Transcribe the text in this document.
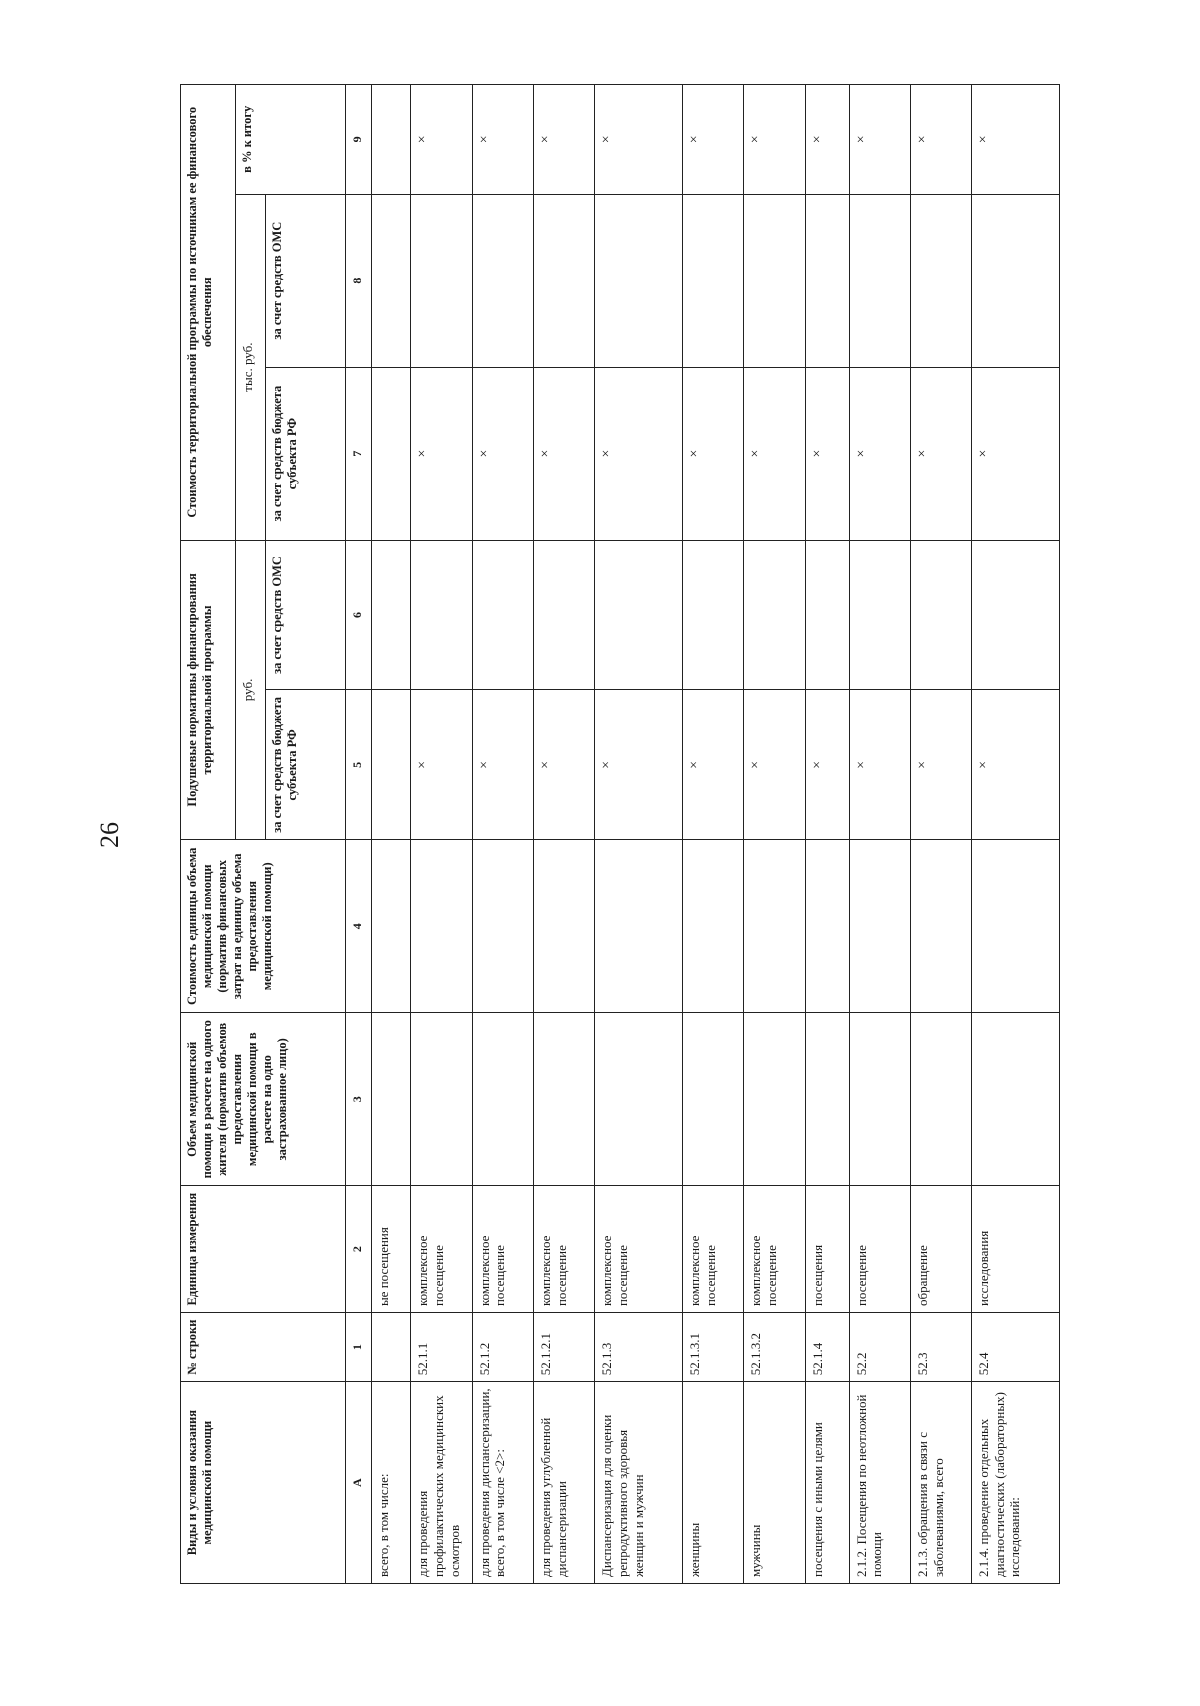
26
Виды и условия оказания медицинской помощи	№ строки	Единица измерения	Объем медицинской помощи в расчете на одного жителя (норматив объемов предоставления медицинской помощи в расчете на одно застрахованное лицо)	Стоимость единицы объема медицинской помощи (норматив финансовых затрат на единицу объема предоставления медицинской помощи)	Подушевые нормативы финансирования территориальной программы		Стоимость территориальной программы по источникам ее финансового обеспечения		
					руб.		тыс. руб.		в % к итогу
					за счет средств бюджета субъекта РФ	за счет средств ОМС	за счет средств бюджета субъекта РФ	за счет средств ОМС	
А	1	2	3	4	5	6	7	8	9
всего, в том числе:		ые посещения							
для проведения профилактических медицинских осмотров	52.1.1	комплексное посещение			×		×		×
для проведения диспансеризации, всего, в том числе <2>:	52.1.2	комплексное посещение			×		×		×
для проведения углубленной диспансеризации	52.1.2.1	комплексное посещение			×		×		×
Диспансеризация для оценки репродуктивного здоровья женщин и мужчин	52.1.3	комплексное посещение			×		×		×
женщины	52.1.3.1	комплексное посещение			×		×		×
мужчины	52.1.3.2	комплексное посещение			×		×		×
посещения с иными целями	52.1.4	посещения			×		×		×
2.1.2. Посещения по неотложной помощи	52.2	посещение			×		×		×
2.1.3. обращения в связи с заболеваниями, всего	52.3	обращение			×		×		×
2.1.4. проведение отдельных диагностических (лабораторных) исследований:	52.4	исследования			×		×		×
